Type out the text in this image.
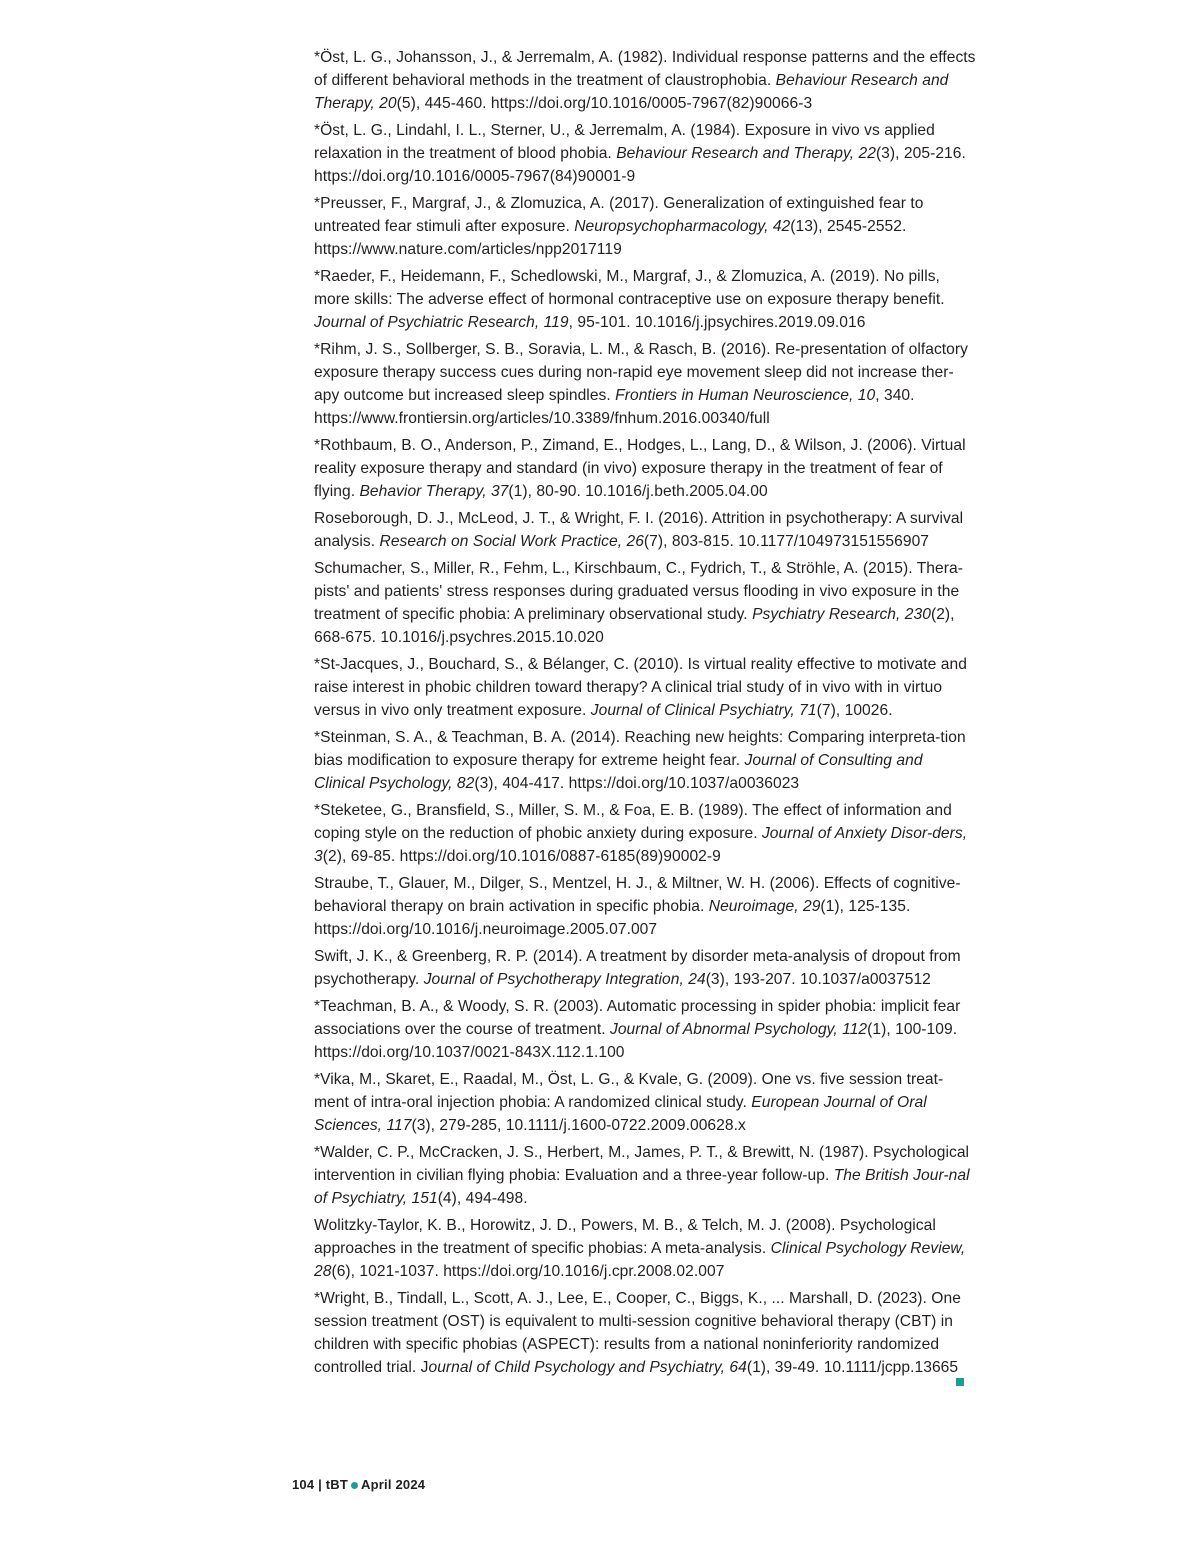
*Öst, L. G., Johansson, J., & Jerremalm, A. (1982). Individual response patterns and the effects of different behavioral methods in the treatment of claustrophobia. Behaviour Research and Therapy, 20(5), 445-460. https://doi.org/10.1016/0005-7967(82)90066-3

*Öst, L. G., Lindahl, I. L., Sterner, U., & Jerremalm, A. (1984). Exposure in vivo vs applied relaxation in the treatment of blood phobia. Behaviour Research and Therapy, 22(3), 205-216. https://doi.org/10.1016/0005-7967(84)90001-9

*Preusser, F., Margraf, J., & Zlomuzica, A. (2017). Generalization of extinguished fear to untreated fear stimuli after exposure. Neuropsychopharmacology, 42(13), 2545-2552. https://www.nature.com/articles/npp2017119

*Raeder, F., Heidemann, F., Schedlowski, M., Margraf, J., & Zlomuzica, A. (2019). No pills, more skills: The adverse effect of hormonal contraceptive use on exposure therapy benefit. Journal of Psychiatric Research, 119, 95-101. 10.1016/j.jpsychires.2019.09.016

*Rihm, J. S., Sollberger, S. B., Soravia, L. M., & Rasch, B. (2016). Re-presentation of olfactory exposure therapy success cues during non-rapid eye movement sleep did not increase ther-apy outcome but increased sleep spindles. Frontiers in Human Neuroscience, 10, 340. https://www.frontiersin.org/articles/10.3389/fnhum.2016.00340/full

*Rothbaum, B. O., Anderson, P., Zimand, E., Hodges, L., Lang, D., & Wilson, J. (2006). Virtual reality exposure therapy and standard (in vivo) exposure therapy in the treatment of fear of flying. Behavior Therapy, 37(1), 80-90. 10.1016/j.beth.2005.04.00

Roseborough, D. J., McLeod, J. T., & Wright, F. I. (2016). Attrition in psychotherapy: A survival analysis. Research on Social Work Practice, 26(7), 803-815. 10.1177/104973151556907

Schumacher, S., Miller, R., Fehm, L., Kirschbaum, C., Fydrich, T., & Ströhle, A. (2015). Thera-pists' and patients' stress responses during graduated versus flooding in vivo exposure in the treatment of specific phobia: A preliminary observational study. Psychiatry Research, 230(2), 668-675. 10.1016/j.psychres.2015.10.020

*St-Jacques, J., Bouchard, S., & Bélanger, C. (2010). Is virtual reality effective to motivate and raise interest in phobic children toward therapy? A clinical trial study of in vivo with in virtuo versus in vivo only treatment exposure. Journal of Clinical Psychiatry, 71(7), 10026.

*Steinman, S. A., & Teachman, B. A. (2014). Reaching new heights: Comparing interpreta-tion bias modification to exposure therapy for extreme height fear. Journal of Consulting and Clinical Psychology, 82(3), 404-417. https://doi.org/10.1037/a0036023

*Steketee, G., Bransfield, S., Miller, S. M., & Foa, E. B. (1989). The effect of information and coping style on the reduction of phobic anxiety during exposure. Journal of Anxiety Disor-ders, 3(2), 69-85. https://doi.org/10.1016/0887-6185(89)90002-9

Straube, T., Glauer, M., Dilger, S., Mentzel, H. J., & Miltner, W. H. (2006). Effects of cognitive-behavioral therapy on brain activation in specific phobia. Neuroimage, 29(1), 125-135. https://doi.org/10.1016/j.neuroimage.2005.07.007

Swift, J. K., & Greenberg, R. P. (2014). A treatment by disorder meta-analysis of dropout from psychotherapy. Journal of Psychotherapy Integration, 24(3), 193-207. 10.1037/a0037512

*Teachman, B. A., & Woody, S. R. (2003). Automatic processing in spider phobia: implicit fear associations over the course of treatment. Journal of Abnormal Psychology, 112(1), 100-109. https://doi.org/10.1037/0021-843X.112.1.100

*Vika, M., Skaret, E., Raadal, M., Öst, L. G., & Kvale, G. (2009). One vs. five session treat-ment of intra-oral injection phobia: A randomized clinical study. European Journal of Oral Sciences, 117(3), 279-285, 10.1111/j.1600-0722.2009.00628.x

*Walder, C. P., McCracken, J. S., Herbert, M., James, P. T., & Brewitt, N. (1987). Psychological intervention in civilian flying phobia: Evaluation and a three-year follow-up. The British Jour-nal of Psychiatry, 151(4), 494-498.

Wolitzky-Taylor, K. B., Horowitz, J. D., Powers, M. B., & Telch, M. J. (2008). Psychological approaches in the treatment of specific phobias: A meta-analysis. Clinical Psychology Review, 28(6), 1021-1037. https://doi.org/10.1016/j.cpr.2008.02.007

*Wright, B., Tindall, L., Scott, A. J., Lee, E., Cooper, C., Biggs, K., ... Marshall, D. (2023). One session treatment (OST) is equivalent to multi-session cognitive behavioral therapy (CBT) in children with specific phobias (ASPECT): results from a national noninferiority randomized controlled trial. Journal of Child Psychology and Psychiatry, 64(1), 39-49. 10.1111/jcpp.13665

104 | tBT April 2024
